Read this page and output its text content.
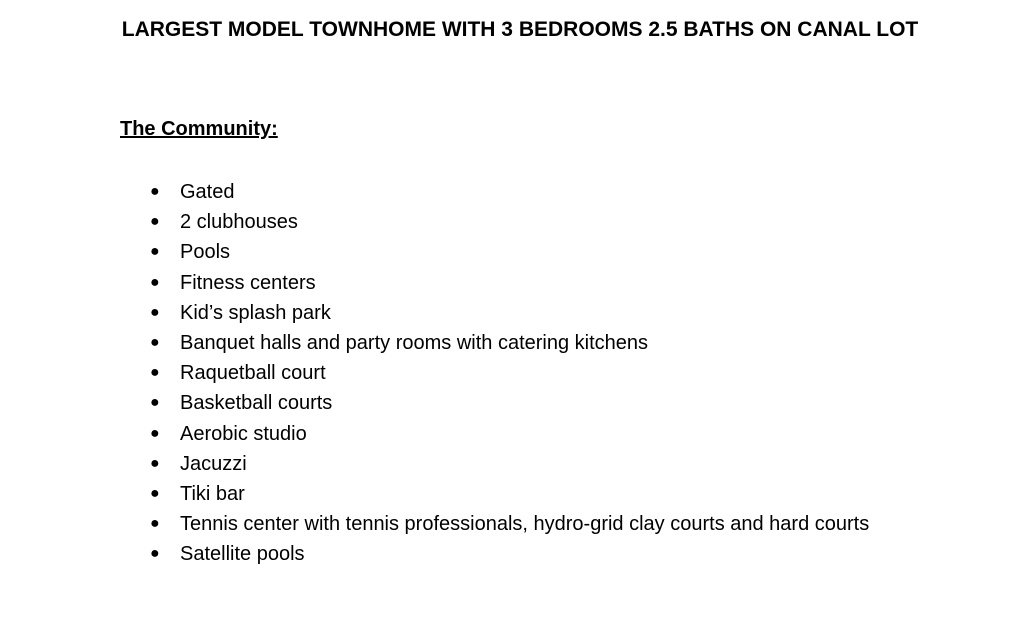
LARGEST MODEL TOWNHOME WITH 3 BEDROOMS 2.5 BATHS ON CANAL LOT
The Community:
● Gated
● 2 clubhouses
● Pools
● Fitness centers
● Kid’s splash park
● Banquet halls and party rooms with catering kitchens
● Raquetball court
● Basketball courts
● Aerobic studio
● Jacuzzi
● Tiki bar
● Tennis center with tennis professionals, hydro-grid clay courts and hard courts
● Satellite pools
